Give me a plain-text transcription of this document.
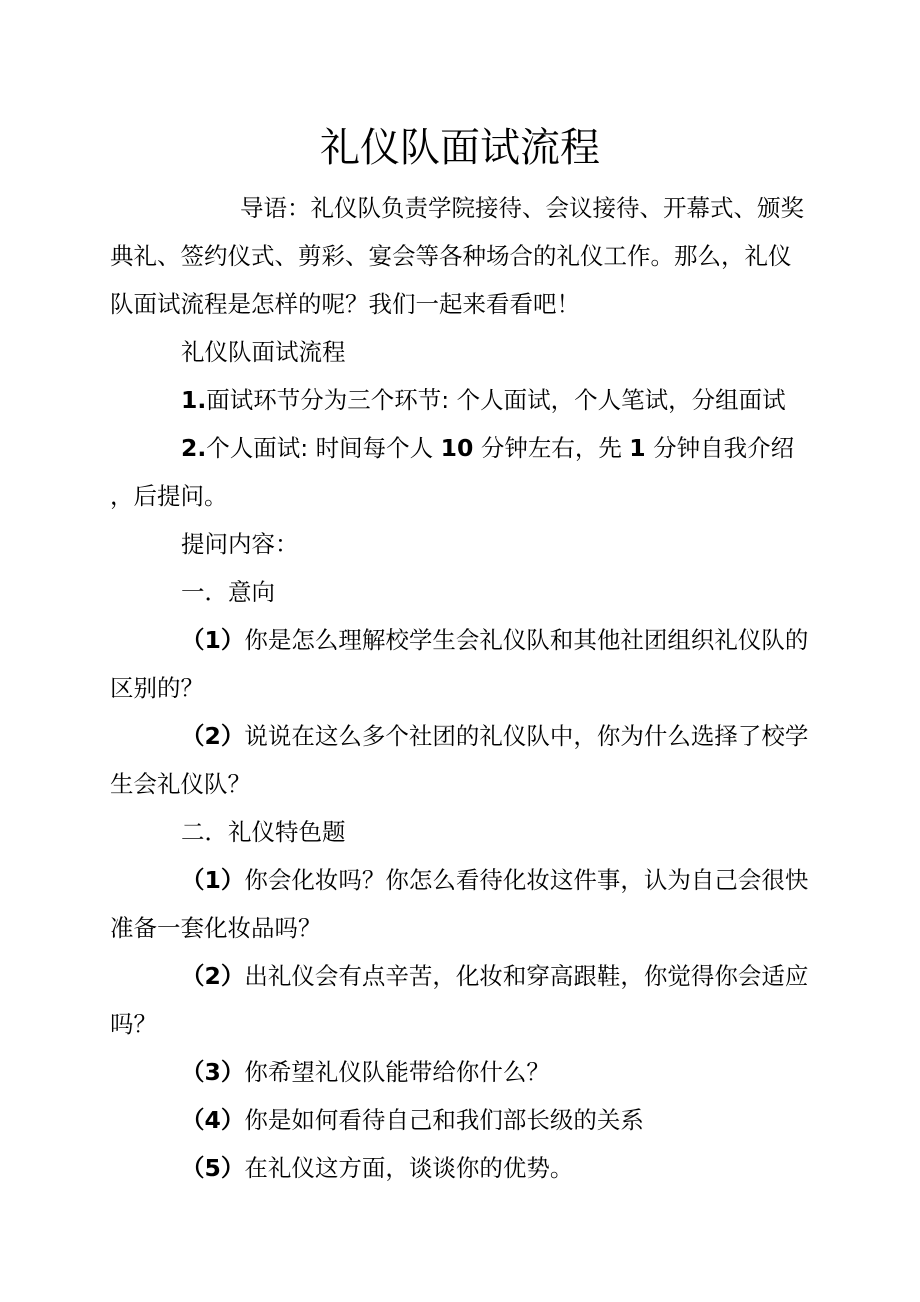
礼仪队面试流程

导语：礼仪队负责学院接待、会议接待、开幕式、颁奖典礼、签约仪式、剪彩、宴会等各种场合的礼仪工作。那么，礼仪队面试流程是怎样的呢？我们一起来看看吧！

礼仪队面试流程

1.面试环节分为三个环节: 个人面试，个人笔试，分组面试

2.个人面试: 时间每个人 10 分钟左右，先 1 分钟自我介绍 ，后提问。

提问内容：

一．意向

（1）你是怎么理解校学生会礼仪队和其他社团组织礼仪队的区别的？

（2）说说在这么多个社团的礼仪队中，你为什么选择了校学生会礼仪队？

二．礼仪特色题

（1）你会化妆吗？你怎么看待化妆这件事，认为自己会很快准备一套化妆品吗？

（2）出礼仪会有点辛苦，化妆和穿高跟鞋，你觉得你会适应吗？

（3）你希望礼仪队能带给你什么？

（4）你是如何看待自己和我们部长级的关系

（5）在礼仪这方面，谈谈你的优势。
